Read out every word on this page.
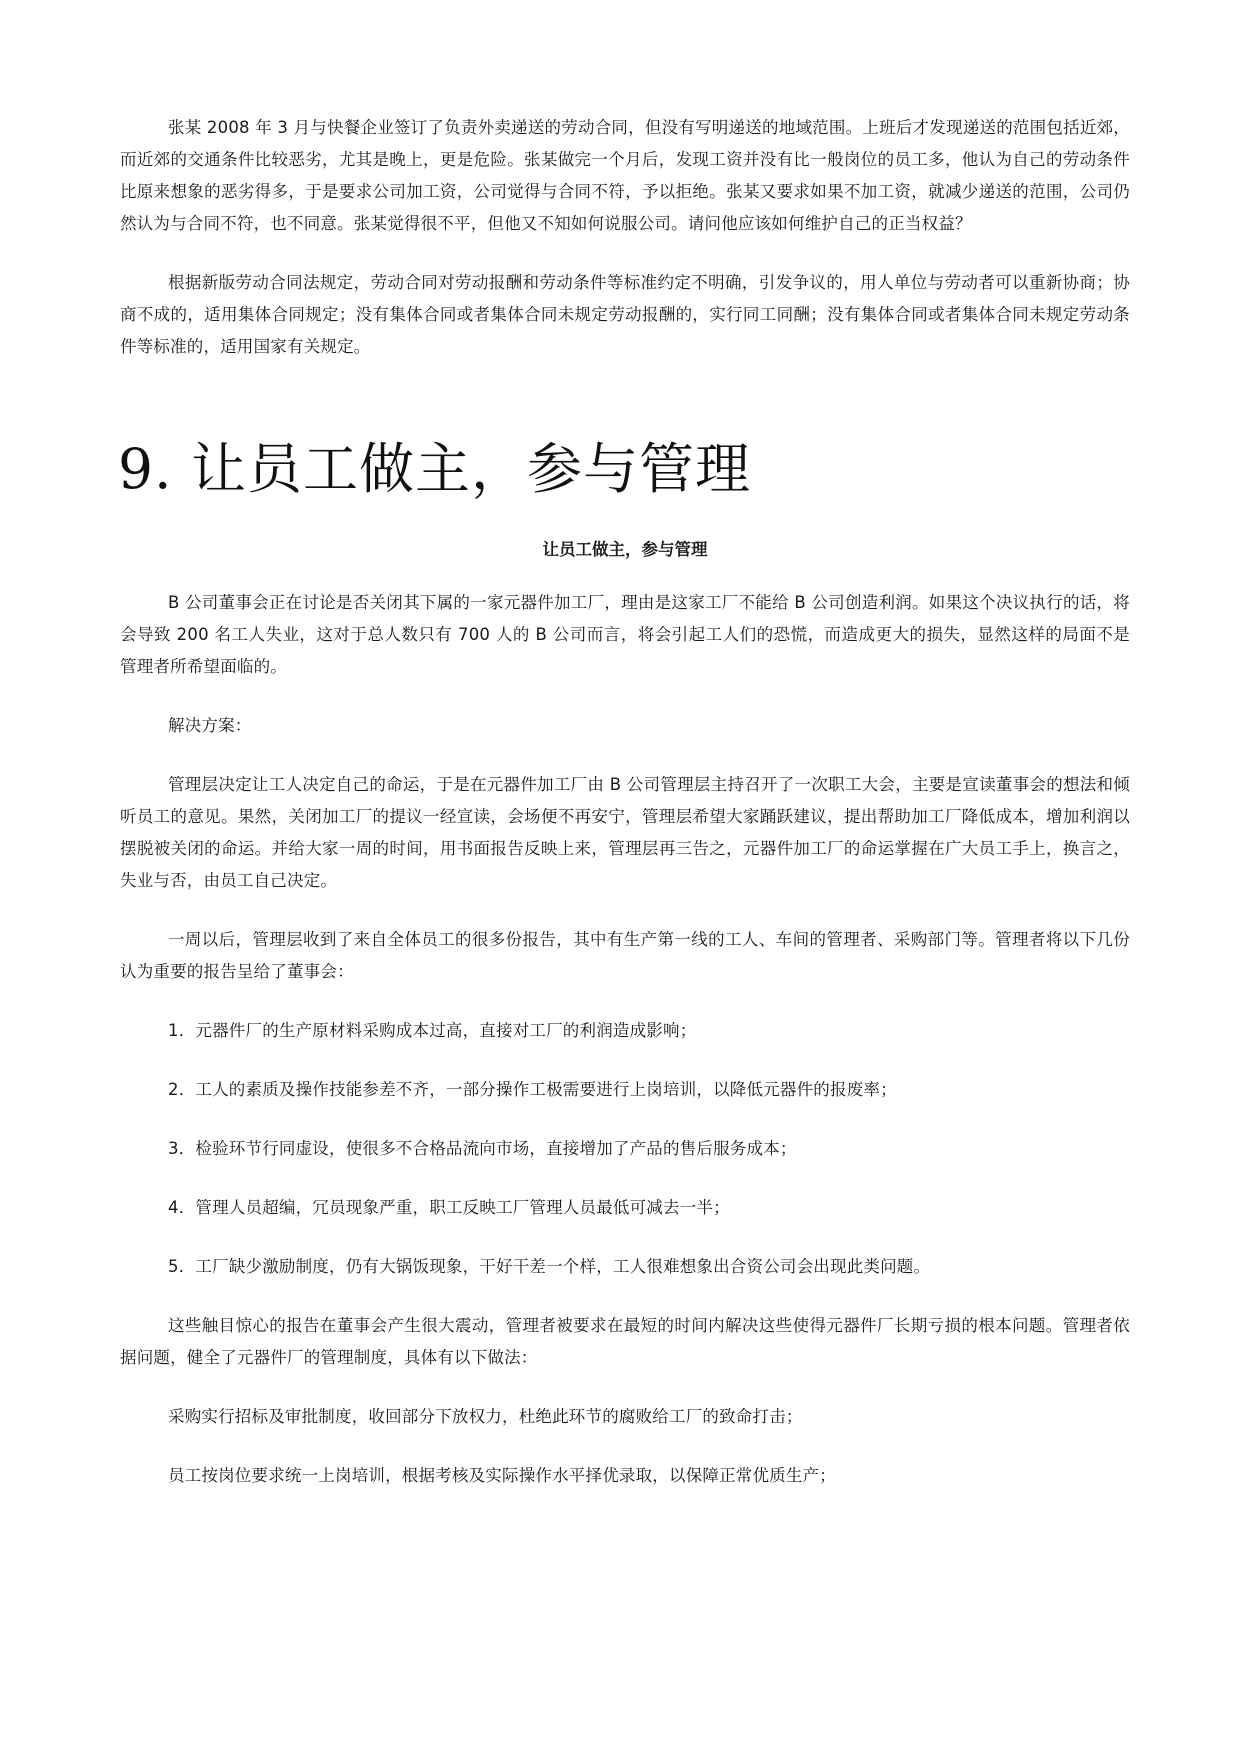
张某 2008 年 3 月与快餐企业签订了负责外卖递送的劳动合同，但没有写明递送的地域范围。上班后才发现递送的范围包括近郊，而近郊的交通条件比较恶劣，尤其是晚上，更是危险。张某做完一个月后，发现工资并没有比一般岗位的员工多，他认为自己的劳动条件比原来想象的恶劣得多，于是要求公司加工资，公司觉得与合同不符，予以拒绝。张某又要求如果不加工资，就减少递送的范围，公司仍然认为与合同不符，也不同意。张某觉得很不平，但他又不知如何说服公司。请问他应该如何维护自己的正当权益？

根据新版劳动合同法规定，劳动合同对劳动报酬和劳动条件等标准约定不明确，引发争议的，用人单位与劳动者可以重新协商；协商不成的，适用集体合同规定；没有集体合同或者集体合同未规定劳动报酬的，实行同工同酬；没有集体合同或者集体合同未规定劳动条件等标准的，适用国家有关规定。

9. 让员工做主，参与管理
让员工做主，参与管理

B 公司董事会正在讨论是否关闭其下属的一家元器件加工厂，理由是这家工厂不能给 B 公司创造利润。如果这个决议执行的话，将会导致 200 名工人失业，这对于总人数只有 700 人的 B 公司而言，将会引起工人们的恐慌，而造成更大的损失，显然这样的局面不是管理者所希望面临的。

解决方案：

管理层决定让工人决定自己的命运，于是在元器件加工厂由 B 公司管理层主持召开了一次职工大会，主要是宣读董事会的想法和倾听员工的意见。果然，关闭加工厂的提议一经宣读，会场便不再安宁，管理层希望大家踊跃建议，提出帮助加工厂降低成本，增加利润以摆脱被关闭的命运。并给大家一周的时间，用书面报告反映上来，管理层再三告之，元器件加工厂的命运掌握在广大员工手上，换言之，失业与否，由员工自己决定。

一周以后，管理层收到了来自全体员工的很多份报告，其中有生产第一线的工人、车间的管理者、采购部门等。管理者将以下几份认为重要的报告呈给了董事会：

1．元器件厂的生产原材料采购成本过高，直接对工厂的利润造成影响；

2．工人的素质及操作技能参差不齐，一部分操作工极需要进行上岗培训，以降低元器件的报废率；

3．检验环节行同虚设，使很多不合格品流向市场，直接增加了产品的售后服务成本；

4．管理人员超编，冗员现象严重，职工反映工厂管理人员最低可减去一半；

5．工厂缺少激励制度，仍有大锅饭现象，干好干差一个样，工人很难想象出合资公司会出现此类问题。

这些触目惊心的报告在董事会产生很大震动，管理者被要求在最短的时间内解决这些使得元器件厂长期亏损的根本问题。管理者依据问题，健全了元器件厂的管理制度，具体有以下做法：

采购实行招标及审批制度，收回部分下放权力，杜绝此环节的腐败给工厂的致命打击；

员工按岗位要求统一上岗培训，根据考核及实际操作水平择优录取，以保障正常优质生产；
